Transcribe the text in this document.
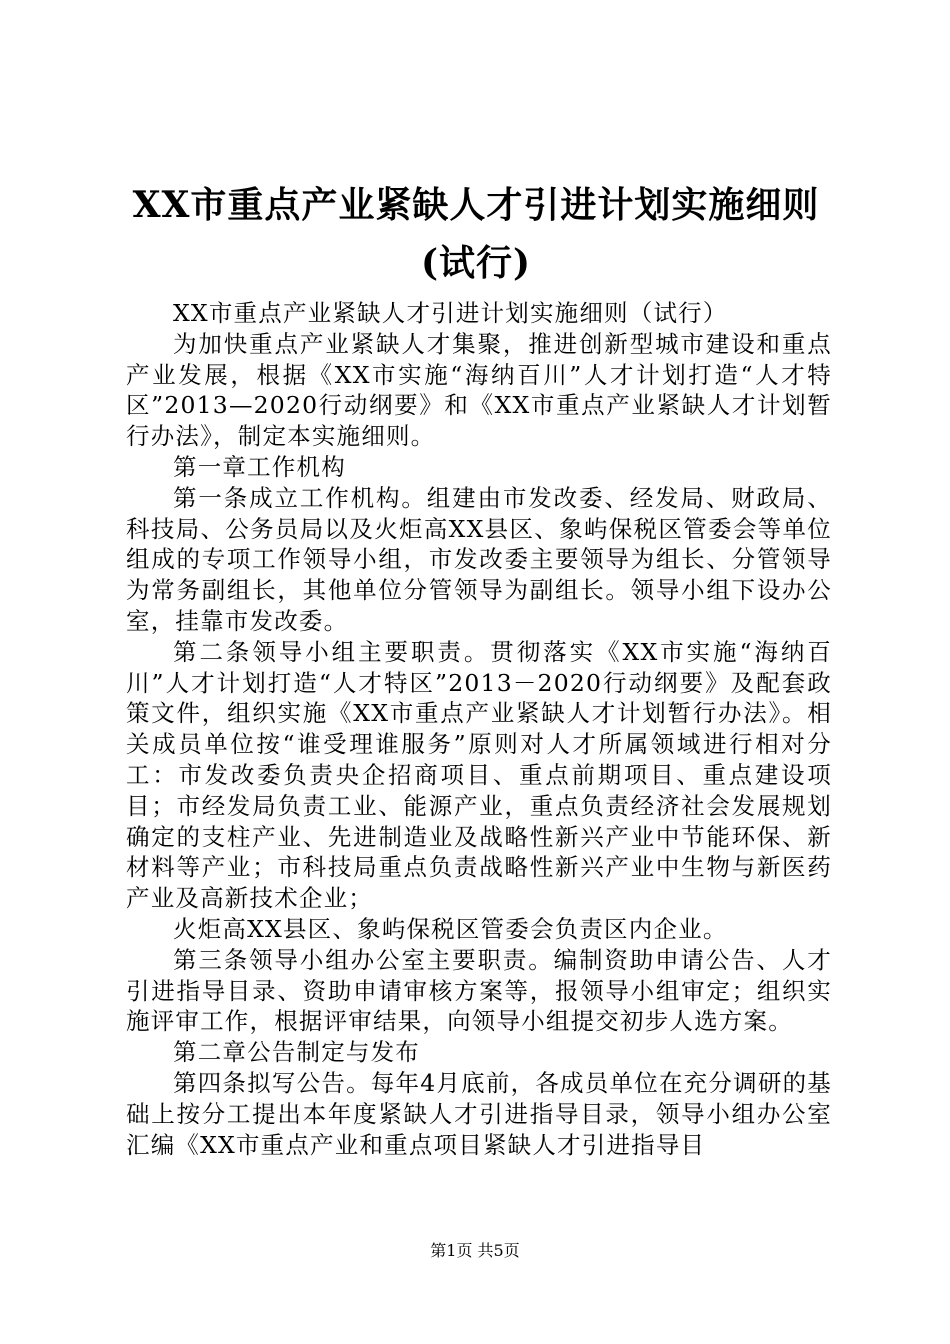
XX市重点产业紧缺人才引进计划实施细则(试行)

XX市重点产业紧缺人才引进计划实施细则（试行）

为加快重点产业紧缺人才集聚，推进创新型城市建设和重点产业发展，根据《XX市实施“海纳百川”人才计划打造“人才特区”2013—2020行动纲要》和《XX市重点产业紧缺人才计划暂行办法》，制定本实施细则。

第一章工作机构

第一条成立工作机构。组建由市发改委、经发局、财政局、科技局、公务员局以及火炬高XX县区、象屿保税区管委会等单位组成的专项工作领导小组，市发改委主要领导为组长、分管领导为常务副组长，其他单位分管领导为副组长。领导小组下设办公室，挂靠市发改委。

第二条领导小组主要职责。贯彻落实《XX市实施“海纳百川”人才计划打造“人才特区”2013－2020行动纲要》及配套政策文件，组织实施《XX市重点产业紧缺人才计划暂行办法》。相关成员单位按“谁受理谁服务”原则对人才所属领域进行相对分工：市发改委负责央企招商项目、重点前期项目、重点建设项目；市经发局负责工业、能源产业，重点负责经济社会发展规划确定的支柱产业、先进制造业及战略性新兴产业中节能环保、新材料等产业；市科技局重点负责战略性新兴产业中生物与新医药产业及高新技术企业；

火炬高XX县区、象屿保税区管委会负责区内企业。

第三条领导小组办公室主要职责。编制资助申请公告、人才引进指导目录、资助申请审核方案等，报领导小组审定；组织实施评审工作，根据评审结果，向领导小组提交初步人选方案。

第二章公告制定与发布

第四条拟写公告。每年4月底前，各成员单位在充分调研的基础上按分工提出本年度紧缺人才引进指导目录，领导小组办公室汇编《XX市重点产业和重点项目紧缺人才引进指导目

第1页 共5页
